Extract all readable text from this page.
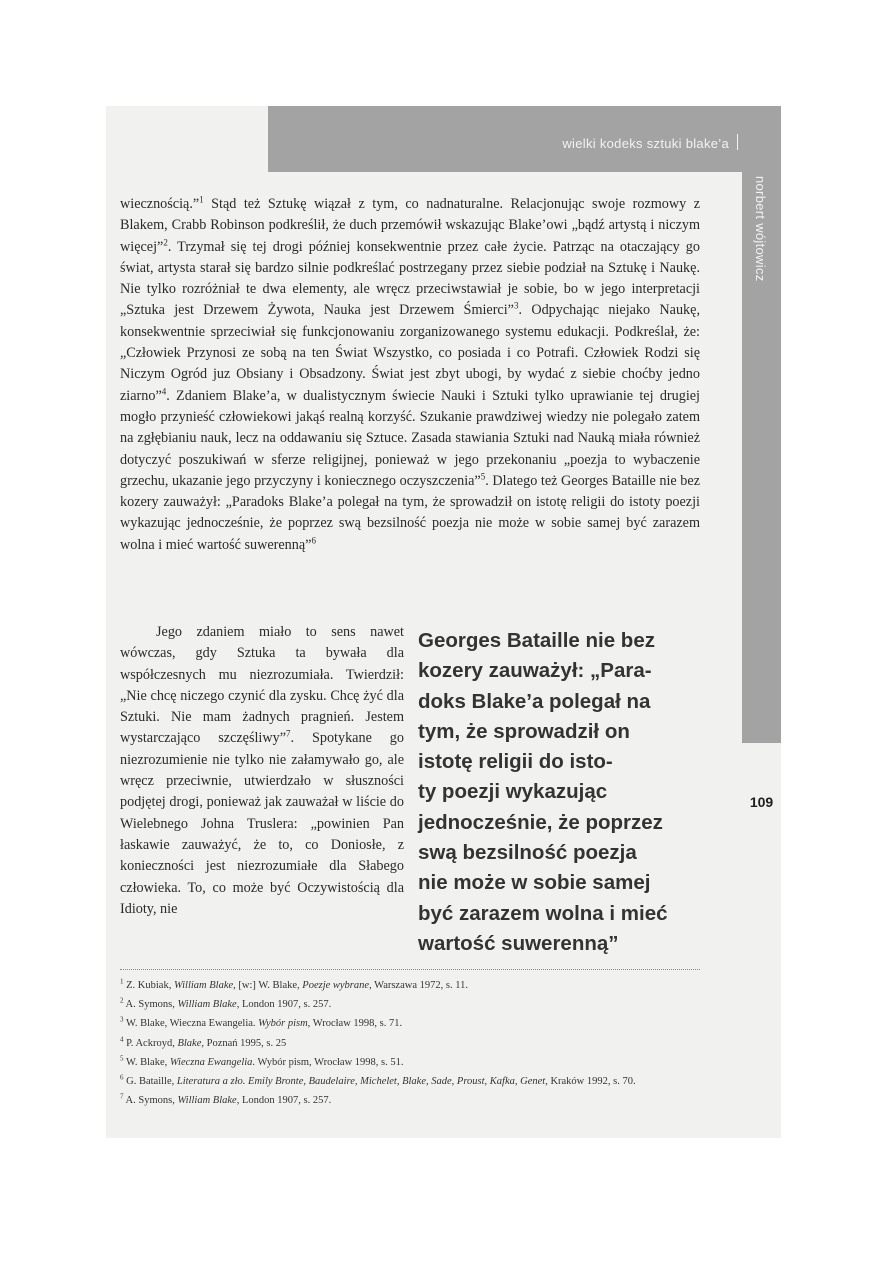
wielki kodeks sztuki blake’a
norbert wójtowicz
109

wiecznością.”$^1$ Stąd też Sztukę wiązał z tym, co nadnaturalne. Relacjonując swoje rozmowy z Blakem, Crabb Robinson podkreślił, że duch przemówił wskazując Blake’owi „bądź artystą i niczym więcej”$^2$. Trzymał się tej drogi później konsekwentnie przez całe życie. Patrząc na otaczający go świat, artysta starał się bardzo silnie podkreślać postrzegany przez siebie podział na Sztukę i Naukę. Nie tylko rozróżniał te dwa elementy, ale wręcz przeciwstawiał je sobie, bo w jego interpretacji „Sztuka jest Drzewem Żywota, Nauka jest Drzewem Śmierci”$^3$. Odpychając niejako Naukę, konsekwentnie sprzeciwiał się funkcjonowaniu zorganizowanego systemu edukacji. Podkreślał, że: „Człowiek Przynosi ze sobą na ten Świat Wszystko, co posiada i co Potrafi. Człowiek Rodzi się Niczym Ogród juz Obsiany i Obsadzony. Świat jest zbyt ubogi, by wydać z siebie choćby jedno ziarno”$^4$. Zdaniem Blake’a, w dualistycznym świecie Nauki i Sztuki tylko uprawianie tej drugiej mogło przynieść człowiekowi jakąś realną korzyść. Szukanie prawdziwej wiedzy nie polegało zatem na zgłębianiu nauk, lecz na oddawaniu się Sztuce. Zasada stawiania Sztuki nad Nauką miała również dotyczyć poszukiwań w sferze religijnej, ponieważ w jego przekonaniu „poezja to wybaczenie grzechu, ukazanie jego przyczyny i koniecznego oczyszczenia”$^5$. Dlatego też Georges Bataille nie bez kozery zauważył: „Paradoks Blake’a polegał na tym, że sprowadził on istotę religii do istoty poezji wykazując jednocześnie, że poprzez swą bezsilność poezja nie może w sobie samej być zarazem wolna i mieć wartość suwerenną”$^6$

Jego zdaniem miało to sens nawet wówczas, gdy Sztuka ta bywała dla współczesnych mu niezrozumiała. Twierdził: „Nie chcę niczego czynić dla zysku. Chcę żyć dla Sztuki. Nie mam żadnych pragnień. Jestem wystarczająco szczęśliwy”$^7$. Spotykane go niezrozumienie nie tylko nie załamywało go, ale wręcz przeciwnie, utwierdzało w słuszności podjętej drogi, ponieważ jak zauważał w liście do Wielebnego Johna Truslera: „powinien Pan łaskawie zauważyć, że to, co Doniosłe, z konieczności jest niezrozumiałe dla Słabego człowieka. To, co może być Oczywistością dla Idioty, nie

Georges Bataille nie bez
kozery zauważył: „Para-
doks Blake’a polegał na
tym, że sprowadził on
istotę religii do isto-
ty poezji wykazując
jednocześnie, że poprzez
swą bezsilność poezja
nie może w sobie samej
być zarazem wolna i mieć
wartość suwerenną”
$^1$ Z. Kubiak, William Blake, [w:] W. Blake, Poezje wybrane, Warszawa 1972, s. 11.
$^2$ A. Symons, William Blake, London 1907, s. 257.
$^3$ W. Blake, Wieczna Ewangelia. Wybór pism, Wrocław 1998, s. 71.
$^4$ P. Ackroyd, Blake, Poznań 1995, s. 25
$^5$ W. Blake, Wieczna Ewangelia. Wybór pism, Wrocław 1998, s. 51.
$^6$ G. Bataille, Literatura a zło. Emily Bronte, Baudelaire, Michelet, Blake, Sade, Proust, Kafka, Genet, Kraków 1992, s. 70.
$^7$ A. Symons, William Blake, London 1907, s. 257.
